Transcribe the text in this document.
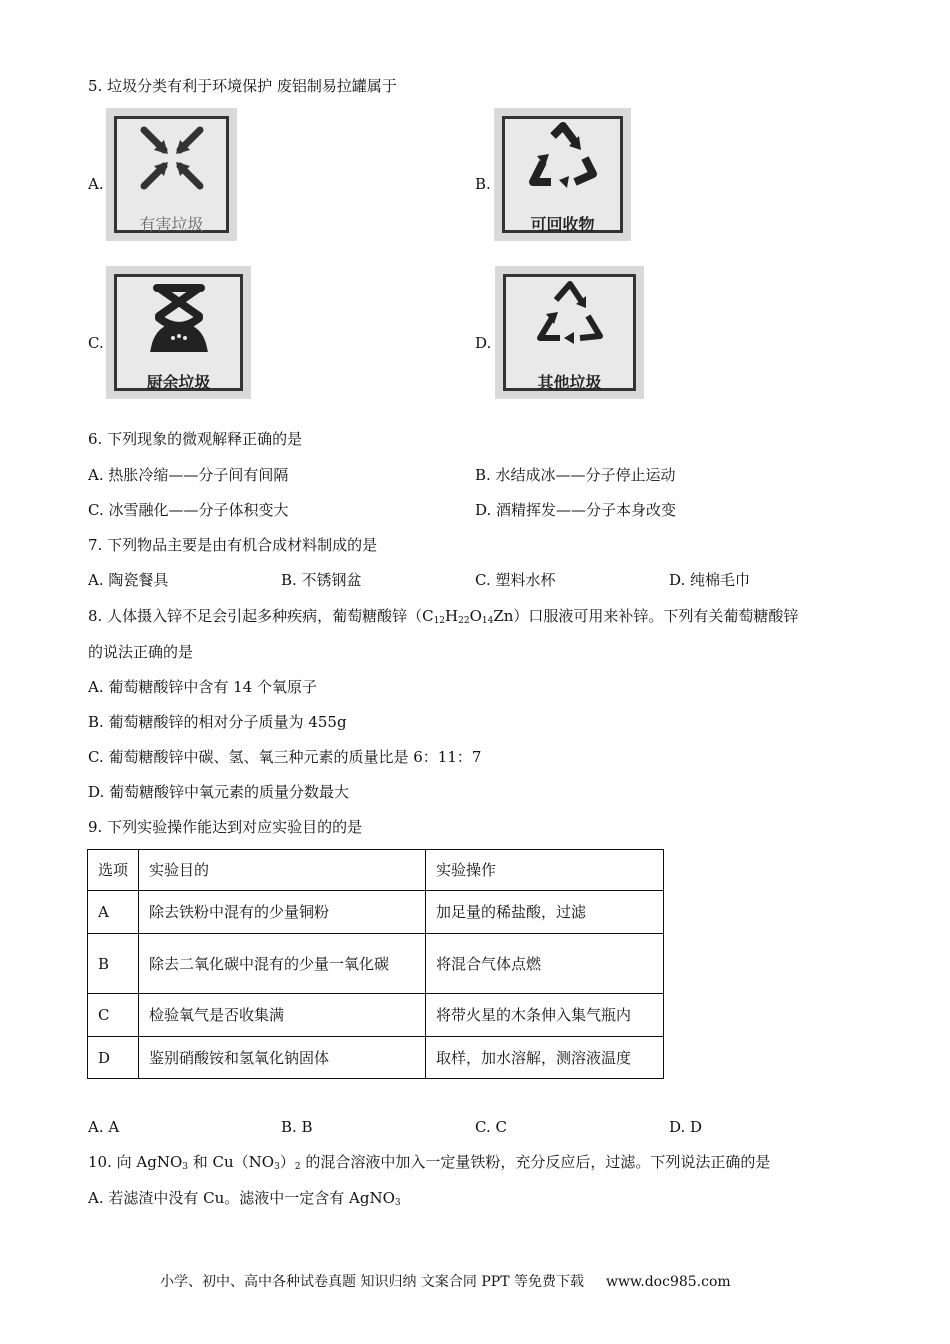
5. 垃圾分类有利于环境保护 废铝制易拉罐属于
A.
有害垃圾
B.
可回收物
C.
厨余垃圾
D.
其他垃圾
6. 下列现象的微观解释正确的是
A. 热胀冷缩——分子间有间隔	B. 水结成冰——分子停止运动
C. 冰雪融化——分子体积变大	D. 酒精挥发——分子本身改变
7. 下列物品主要是由有机合成材料制成的是
A. 陶瓷餐具	B. 不锈钢盆	C. 塑料水杯	D. 纯棉毛巾
8. 人体摄入锌不足会引起多种疾病，葡萄糖酸锌$(C_{12}H_{22}O_{14}Zn)$口服液可用来补锌。下列有关葡萄糖酸锌
的说法正确的是
A. 葡萄糖酸锌中含有 14 个氧原子
B. 葡萄糖酸锌的相对分子质量为 455g
C. 葡萄糖酸锌中碳、氢、氧三种元素的质量比是 6：11：7
D. 葡萄糖酸锌中氧元素的质量分数最大
9. 下列实验操作能达到对应实验目的的是
选项	实验目的	实验操作
A	除去铁粉中混有的少量铜粉	加足量的稀盐酸，过滤
B	除去二氧化碳中混有的少量一氧化碳	将混合气体点燃
C	检验氧气是否收集满	将带火星的木条伸入集气瓶内
D	鉴别硝酸铵和氢氧化钠固体	取样，加水溶解，测溶液温度
A. A	B. B	C. C	D. D
10. 向 AgNO$_3$ 和 $Cu(NO_3)_2$ 的混合溶液中加入一定量铁粉，充分反应后，过滤。下列说法正确的是
A. 若滤渣中没有 Cu。滤液中一定含有 AgNO$_3$
小学、初中、高中各种试卷真题 知识归纳 文案合同 PPT 等免费下载 www.doc985.com
